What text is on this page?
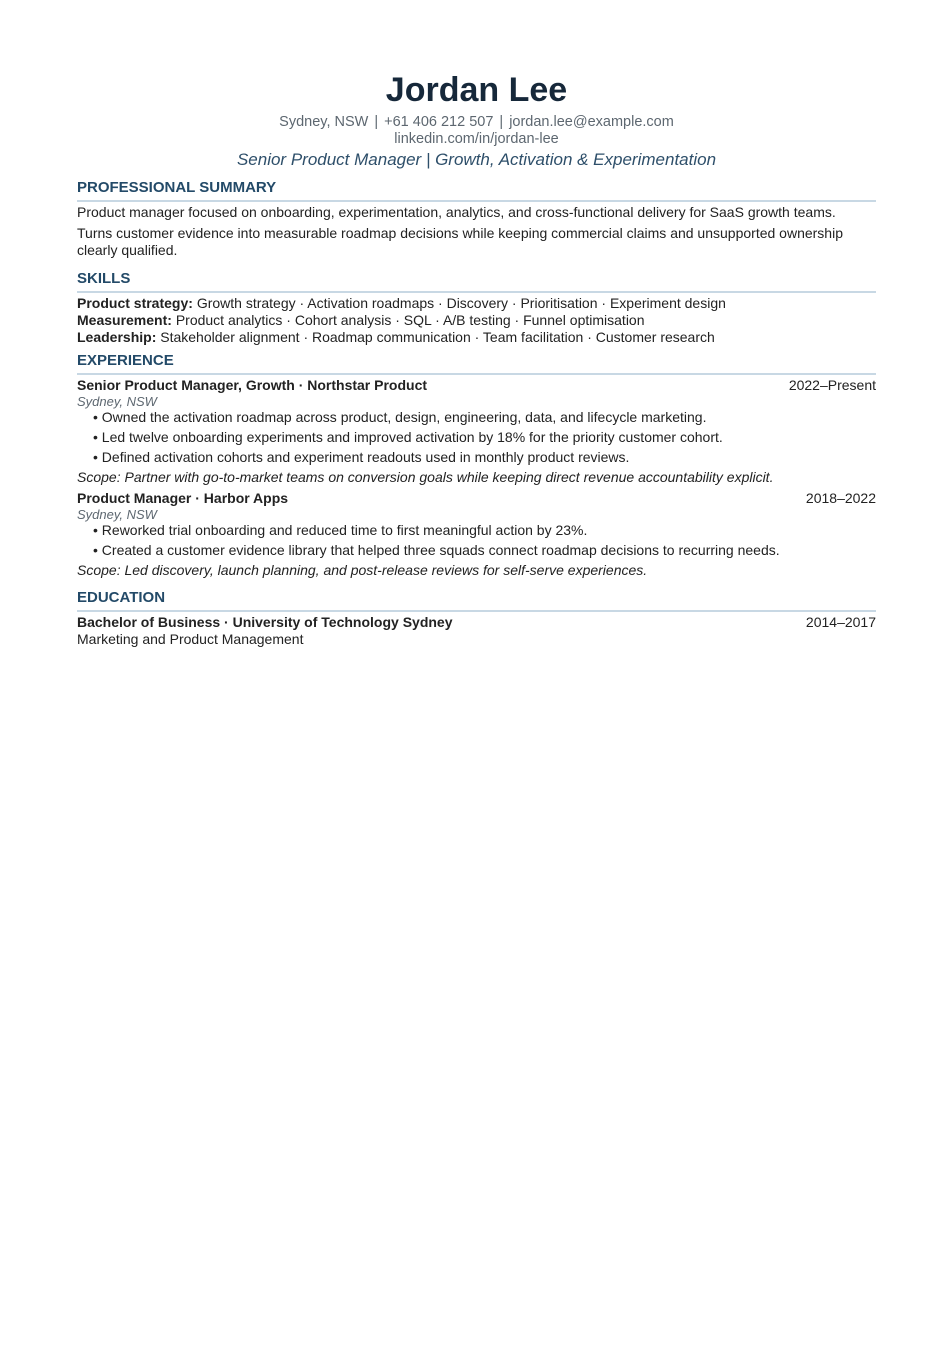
Jordan Lee
Sydney, NSW | +61 406 212 507 | jordan.lee@example.com
linkedin.com/in/jordan-lee
Senior Product Manager | Growth, Activation & Experimentation
PROFESSIONAL SUMMARY
Product manager focused on onboarding, experimentation, analytics, and cross-functional delivery for SaaS growth teams.
Turns customer evidence into measurable roadmap decisions while keeping commercial claims and unsupported ownership clearly qualified.
SKILLS
Product strategy: Growth strategy · Activation roadmaps · Discovery · Prioritisation · Experiment design
Measurement: Product analytics · Cohort analysis · SQL · A/B testing · Funnel optimisation
Leadership: Stakeholder alignment · Roadmap communication · Team facilitation · Customer research
EXPERIENCE
Senior Product Manager, Growth · Northstar Product	2022–Present
Sydney, NSW
• Owned the activation roadmap across product, design, engineering, data, and lifecycle marketing.
• Led twelve onboarding experiments and improved activation by 18% for the priority customer cohort.
• Defined activation cohorts and experiment readouts used in monthly product reviews.
Scope: Partner with go-to-market teams on conversion goals while keeping direct revenue accountability explicit.
Product Manager · Harbor Apps	2018–2022
Sydney, NSW
• Reworked trial onboarding and reduced time to first meaningful action by 23%.
• Created a customer evidence library that helped three squads connect roadmap decisions to recurring needs.
Scope: Led discovery, launch planning, and post-release reviews for self-serve experiences.
EDUCATION
Bachelor of Business · University of Technology Sydney	2014–2017
Marketing and Product Management
